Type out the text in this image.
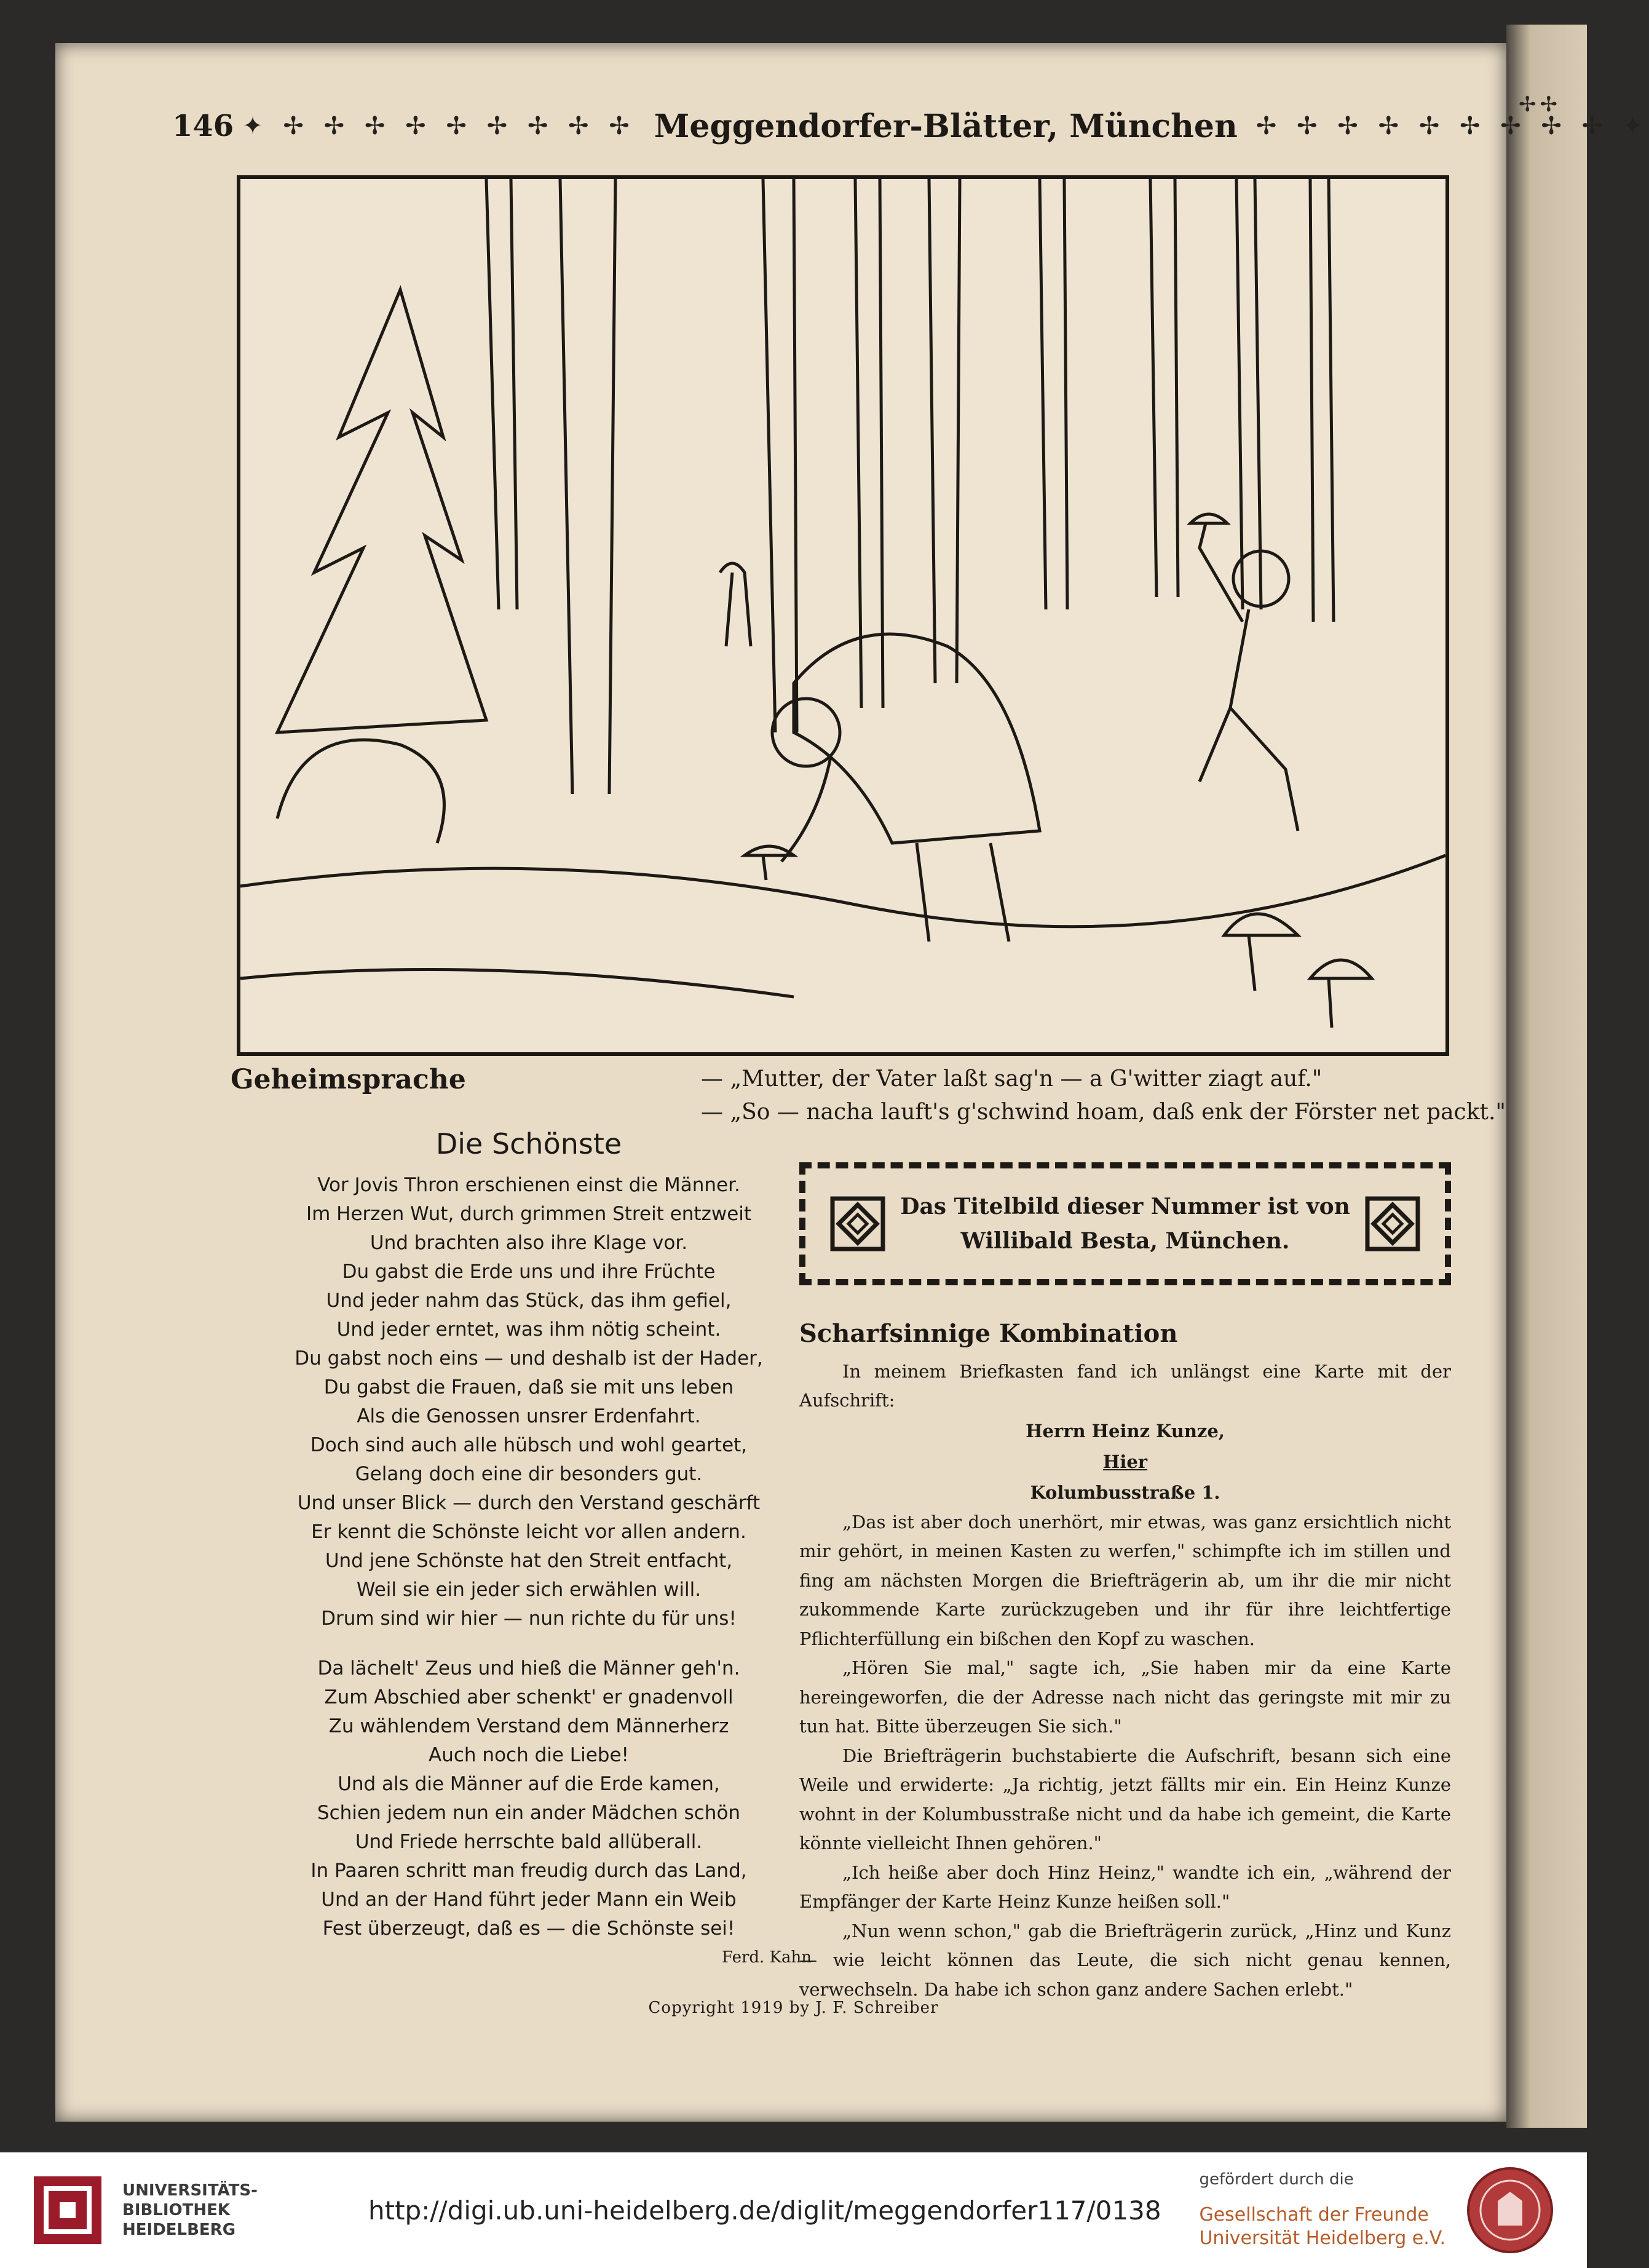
✢✢
146 ✦ ✢ ✢ ✢ ✢ ✢ ✢ ✢ ✢ ✢ Meggendorfer-Blätter, München ✢ ✢ ✢ ✢ ✢ ✢ ✢ ✢ ✢ ✦
Geheimsprache	— „Mutter, der Vater laßt sag'n — a G'witter ziagt auf."
— „So — nacha lauft's g'schwind hoam, daß enk der Förster net packt."
Die Schönste
Vor Jovis Thron erschienen einst die Männer.
Im Herzen Wut, durch grimmen Streit entzweit
Und brachten also ihre Klage vor.
Du gabst die Erde uns und ihre Früchte
Und jeder nahm das Stück, das ihm gefiel,
Und jeder erntet, was ihm nötig scheint.
Du gabst noch eins — und deshalb ist der Hader,
Du gabst die Frauen, daß sie mit uns leben
Als die Genossen unsrer Erdenfahrt.
Doch sind auch alle hübsch und wohl geartet,
Gelang doch eine dir besonders gut.
Und unser Blick — durch den Verstand geschärft
Er kennt die Schönste leicht vor allen andern.
Und jene Schönste hat den Streit entfacht,
Weil sie ein jeder sich erwählen will.
Drum sind wir hier — nun richte du für uns!
Da lächelt' Zeus und hieß die Männer geh'n.
Zum Abschied aber schenkt' er gnadenvoll
Zu wählendem Verstand dem Männerherz
Auch noch die Liebe!
Und als die Männer auf die Erde kamen,
Schien jedem nun ein ander Mädchen schön
Und Friede herrschte bald allüberall.
In Paaren schritt man freudig durch das Land,
Und an der Hand führt jeder Mann ein Weib
Fest überzeugt, daß es — die Schönste sei!
Ferd. Kahn
Das Titelbild dieser Nummer ist von
Willibald Besta, München.
Scharfsinnige Kombination

In meinem Briefkasten fand ich unlängst eine Karte mit der Aufschrift:

Herrn Heinz Kunze,
Hier
Kolumbusstraße 1.

„Das ist aber doch unerhört, mir etwas, was ganz ersichtlich nicht mir gehört, in meinen Kasten zu werfen," schimpfte ich im stillen und fing am nächsten Morgen die Briefträgerin ab, um ihr die mir nicht zukommende Karte zurückzugeben und ihr für ihre leichtfertige Pflichterfüllung ein bißchen den Kopf zu waschen.

„Hören Sie mal," sagte ich, „Sie haben mir da eine Karte hereingeworfen, die der Adresse nach nicht das geringste mit mir zu tun hat. Bitte überzeugen Sie sich."

Die Briefträgerin buchstabierte die Aufschrift, besann sich eine Weile und erwiderte: „Ja richtig, jetzt fällts mir ein. Ein Heinz Kunze wohnt in der Kolumbusstraße nicht und da habe ich gemeint, die Karte könnte vielleicht Ihnen gehören."

„Ich heiße aber doch Hinz Heinz," wandte ich ein, „während der Empfänger der Karte Heinz Kunze heißen soll."

„Nun wenn schon," gab die Briefträgerin zurück, „Hinz und Kunz — wie leicht können das Leute, die sich nicht genau kennen, verwechseln. Da habe ich schon ganz andere Sachen erlebt."

Copyright 1919 by J. F. Schreiber
UNIVERSITÄTS-
BIBLIOTHEK
HEIDELBERG
http://digi.ub.uni-heidelberg.de/diglit/meggendorfer117/0138
gefördert durch die
Gesellschaft der Freunde
Universität Heidelberg e.V.
